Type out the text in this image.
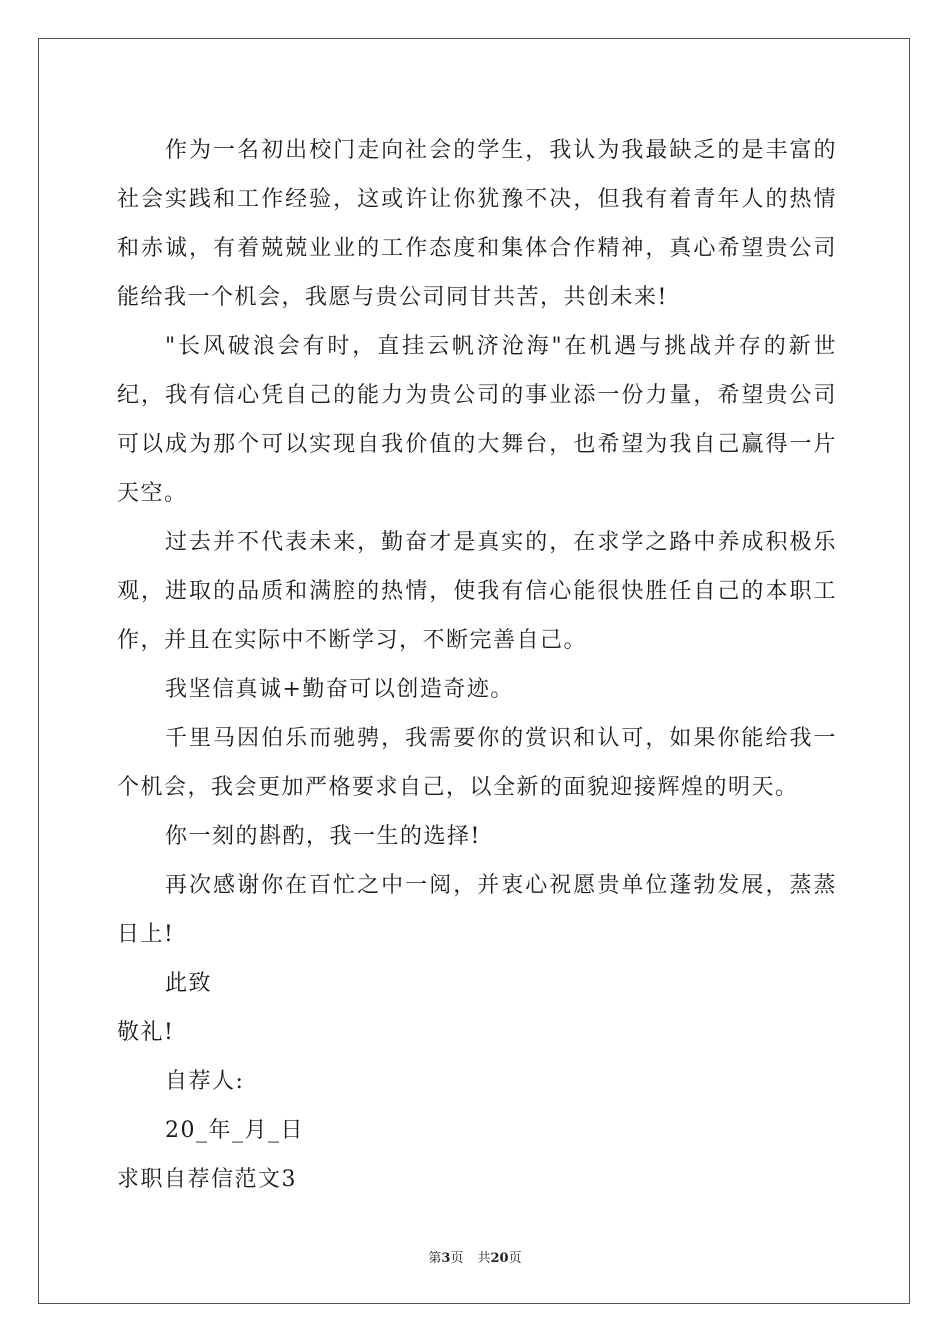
作为一名初出校门走向社会的学生，我认为我最缺乏的是丰富的社会实践和工作经验，这或许让你犹豫不决，但我有着青年人的热情和赤诚，有着兢兢业业的工作态度和集体合作精神，真心希望贵公司能给我一个机会，我愿与贵公司同甘共苦，共创未来!

"长风破浪会有时，直挂云帆济沧海"在机遇与挑战并存的新世纪，我有信心凭自己的能力为贵公司的事业添一份力量，希望贵公司可以成为那个可以实现自我价值的大舞台，也希望为我自己赢得一片天空。

过去并不代表未来，勤奋才是真实的，在求学之路中养成积极乐观，进取的品质和满腔的热情，使我有信心能很快胜任自己的本职工作，并且在实际中不断学习，不断完善自己。

我坚信真诚+勤奋可以创造奇迹。

千里马因伯乐而驰骋，我需要你的赏识和认可，如果你能给我一个机会，我会更加严格要求自己，以全新的面貌迎接辉煌的明天。

你一刻的斟酌，我一生的选择!

再次感谢你在百忙之中一阅，并衷心祝愿贵单位蓬勃发展，蒸蒸日上!

此致

敬礼!

自荐人:

20_年_月_日

求职自荐信范文3

第3页 共20页
